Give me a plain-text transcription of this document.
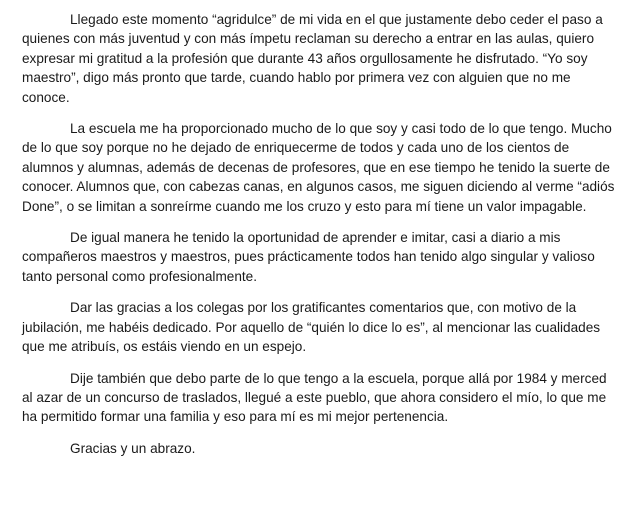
Llegado este momento “agridulce” de mi vida en el que justamente debo ceder el paso a quienes con más juventud y con más ímpetu reclaman su derecho a entrar en las aulas, quiero expresar mi gratitud a la profesión que durante 43 años orgullosamente he disfrutado. “Yo soy maestro”, digo más pronto que tarde, cuando hablo por primera vez con alguien que no me conoce.

La escuela me ha proporcionado mucho de lo que soy y casi todo de lo que tengo. Mucho de lo que soy porque no he dejado de enriquecerme de todos y cada uno de los cientos de alumnos y alumnas, además de decenas de profesores, que en ese tiempo he tenido la suerte de conocer. Alumnos que, con cabezas canas, en algunos casos, me siguen diciendo al verme “adiós Done”, o se limitan a sonreírme cuando me los cruzo y esto para mí tiene un valor impagable.

De igual manera he tenido la oportunidad de aprender e imitar, casi a diario a mis compañeros maestros y maestros, pues prácticamente todos han tenido algo singular y valioso tanto personal como profesionalmente.

Dar las gracias a los colegas por los gratificantes comentarios que, con motivo de la jubilación, me habéis dedicado. Por aquello de “quién lo dice lo es”, al mencionar las cualidades que me atribuís, os estáis viendo en un espejo.

Dije también que debo parte de lo que tengo a la escuela, porque allá por 1984 y merced al azar de un concurso de traslados, llegué a este pueblo, que ahora considero el mío, lo que me ha permitido formar una familia y eso para mí es mi mejor pertenencia.

Gracias y un abrazo.
